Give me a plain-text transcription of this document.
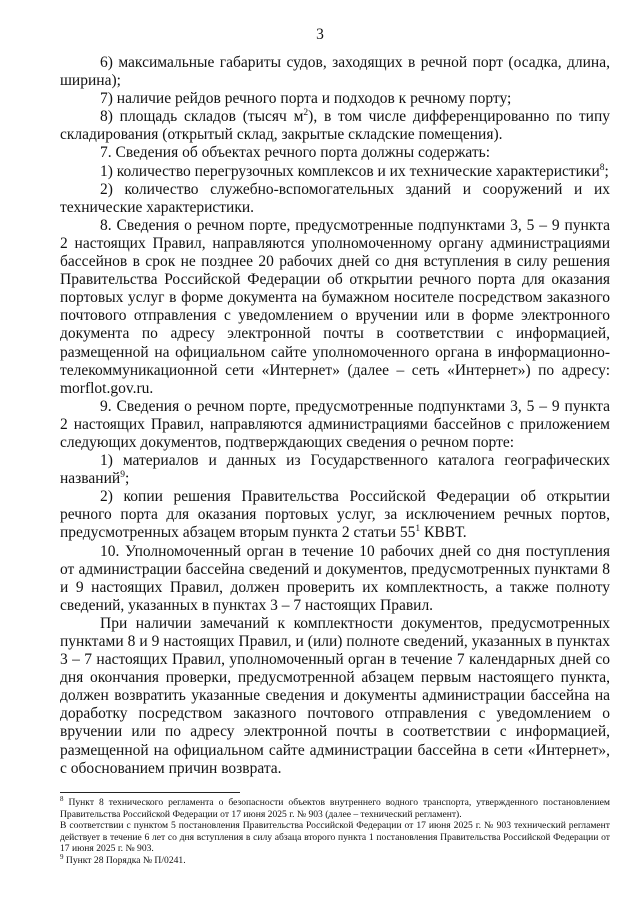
3

6) максимальные габариты судов, заходящих в речной порт (осадка, длина, ширина);

7) наличие рейдов речного порта и подходов к речному порту;

8) площадь складов (тысяч $м^2$), в том числе дифференцированно по типу складирования (открытый склад, закрытые складские помещения).

7. Сведения об объектах речного порта должны содержать:

1) количество перегрузочных комплексов и их технические характеристики$^8$;

2) количество служебно-вспомогательных зданий и сооружений и их технические характеристики.

8. Сведения о речном порте, предусмотренные подпунктами 3, 5 – 9 пункта 2 настоящих Правил, направляются уполномоченному органу администрациями бассейнов в срок не позднее 20 рабочих дней со дня вступления в силу решения Правительства Российской Федерации об открытии речного порта для оказания портовых услуг в форме документа на бумажном носителе посредством заказного почтового отправления с уведомлением о вручении или в форме электронного документа по адресу электронной почты в соответствии с информацией, размещенной на официальном сайте уполномоченного органа в информационно-телекоммуникационной сети «Интернет» (далее – сеть «Интернет») по адресу: morflot.gov.ru.

9. Сведения о речном порте, предусмотренные подпунктами 3, 5 – 9 пункта 2 настоящих Правил, направляются администрациями бассейнов с приложением следующих документов, подтверждающих сведения о речном порте:

1) материалов и данных из Государственного каталога географических названий$^9$;

2) копии решения Правительства Российской Федерации об открытии речного порта для оказания портовых услуг, за исключением речных портов, предусмотренных абзацем вторым пункта 2 статьи $55^1$ КВВТ.

10. Уполномоченный орган в течение 10 рабочих дней со дня поступления от администрации бассейна сведений и документов, предусмотренных пунктами 8 и 9 настоящих Правил, должен проверить их комплектность, а также полноту сведений, указанных в пунктах 3 – 7 настоящих Правил.

При наличии замечаний к комплектности документов, предусмотренных пунктами 8 и 9 настоящих Правил, и (или) полноте сведений, указанных в пунктах 3 – 7 настоящих Правил, уполномоченный орган в течение 7 календарных дней со дня окончания проверки, предусмотренной абзацем первым настоящего пункта, должен возвратить указанные сведения и документы администрации бассейна на доработку посредством заказного почтового отправления с уведомлением о вручении или по адресу электронной почты в соответствии с информацией, размещенной на официальном сайте администрации бассейна в сети «Интернет», с обоснованием причин возврата.

$^8$ Пункт 8 технического регламента о безопасности объектов внутреннего водного транспорта, утвержденного постановлением Правительства Российской Федерации от 17 июня 2025 г. № 903 (далее – технический регламент).

В соответствии с пунктом 5 постановления Правительства Российской Федерации от 17 июня 2025 г. № 903 технический регламент действует в течение 6 лет со дня вступления в силу абзаца второго пункта 1 постановления Правительства Российской Федерации от 17 июня 2025 г. № 903.

$^9$ Пункт 28 Порядка № П/0241.
